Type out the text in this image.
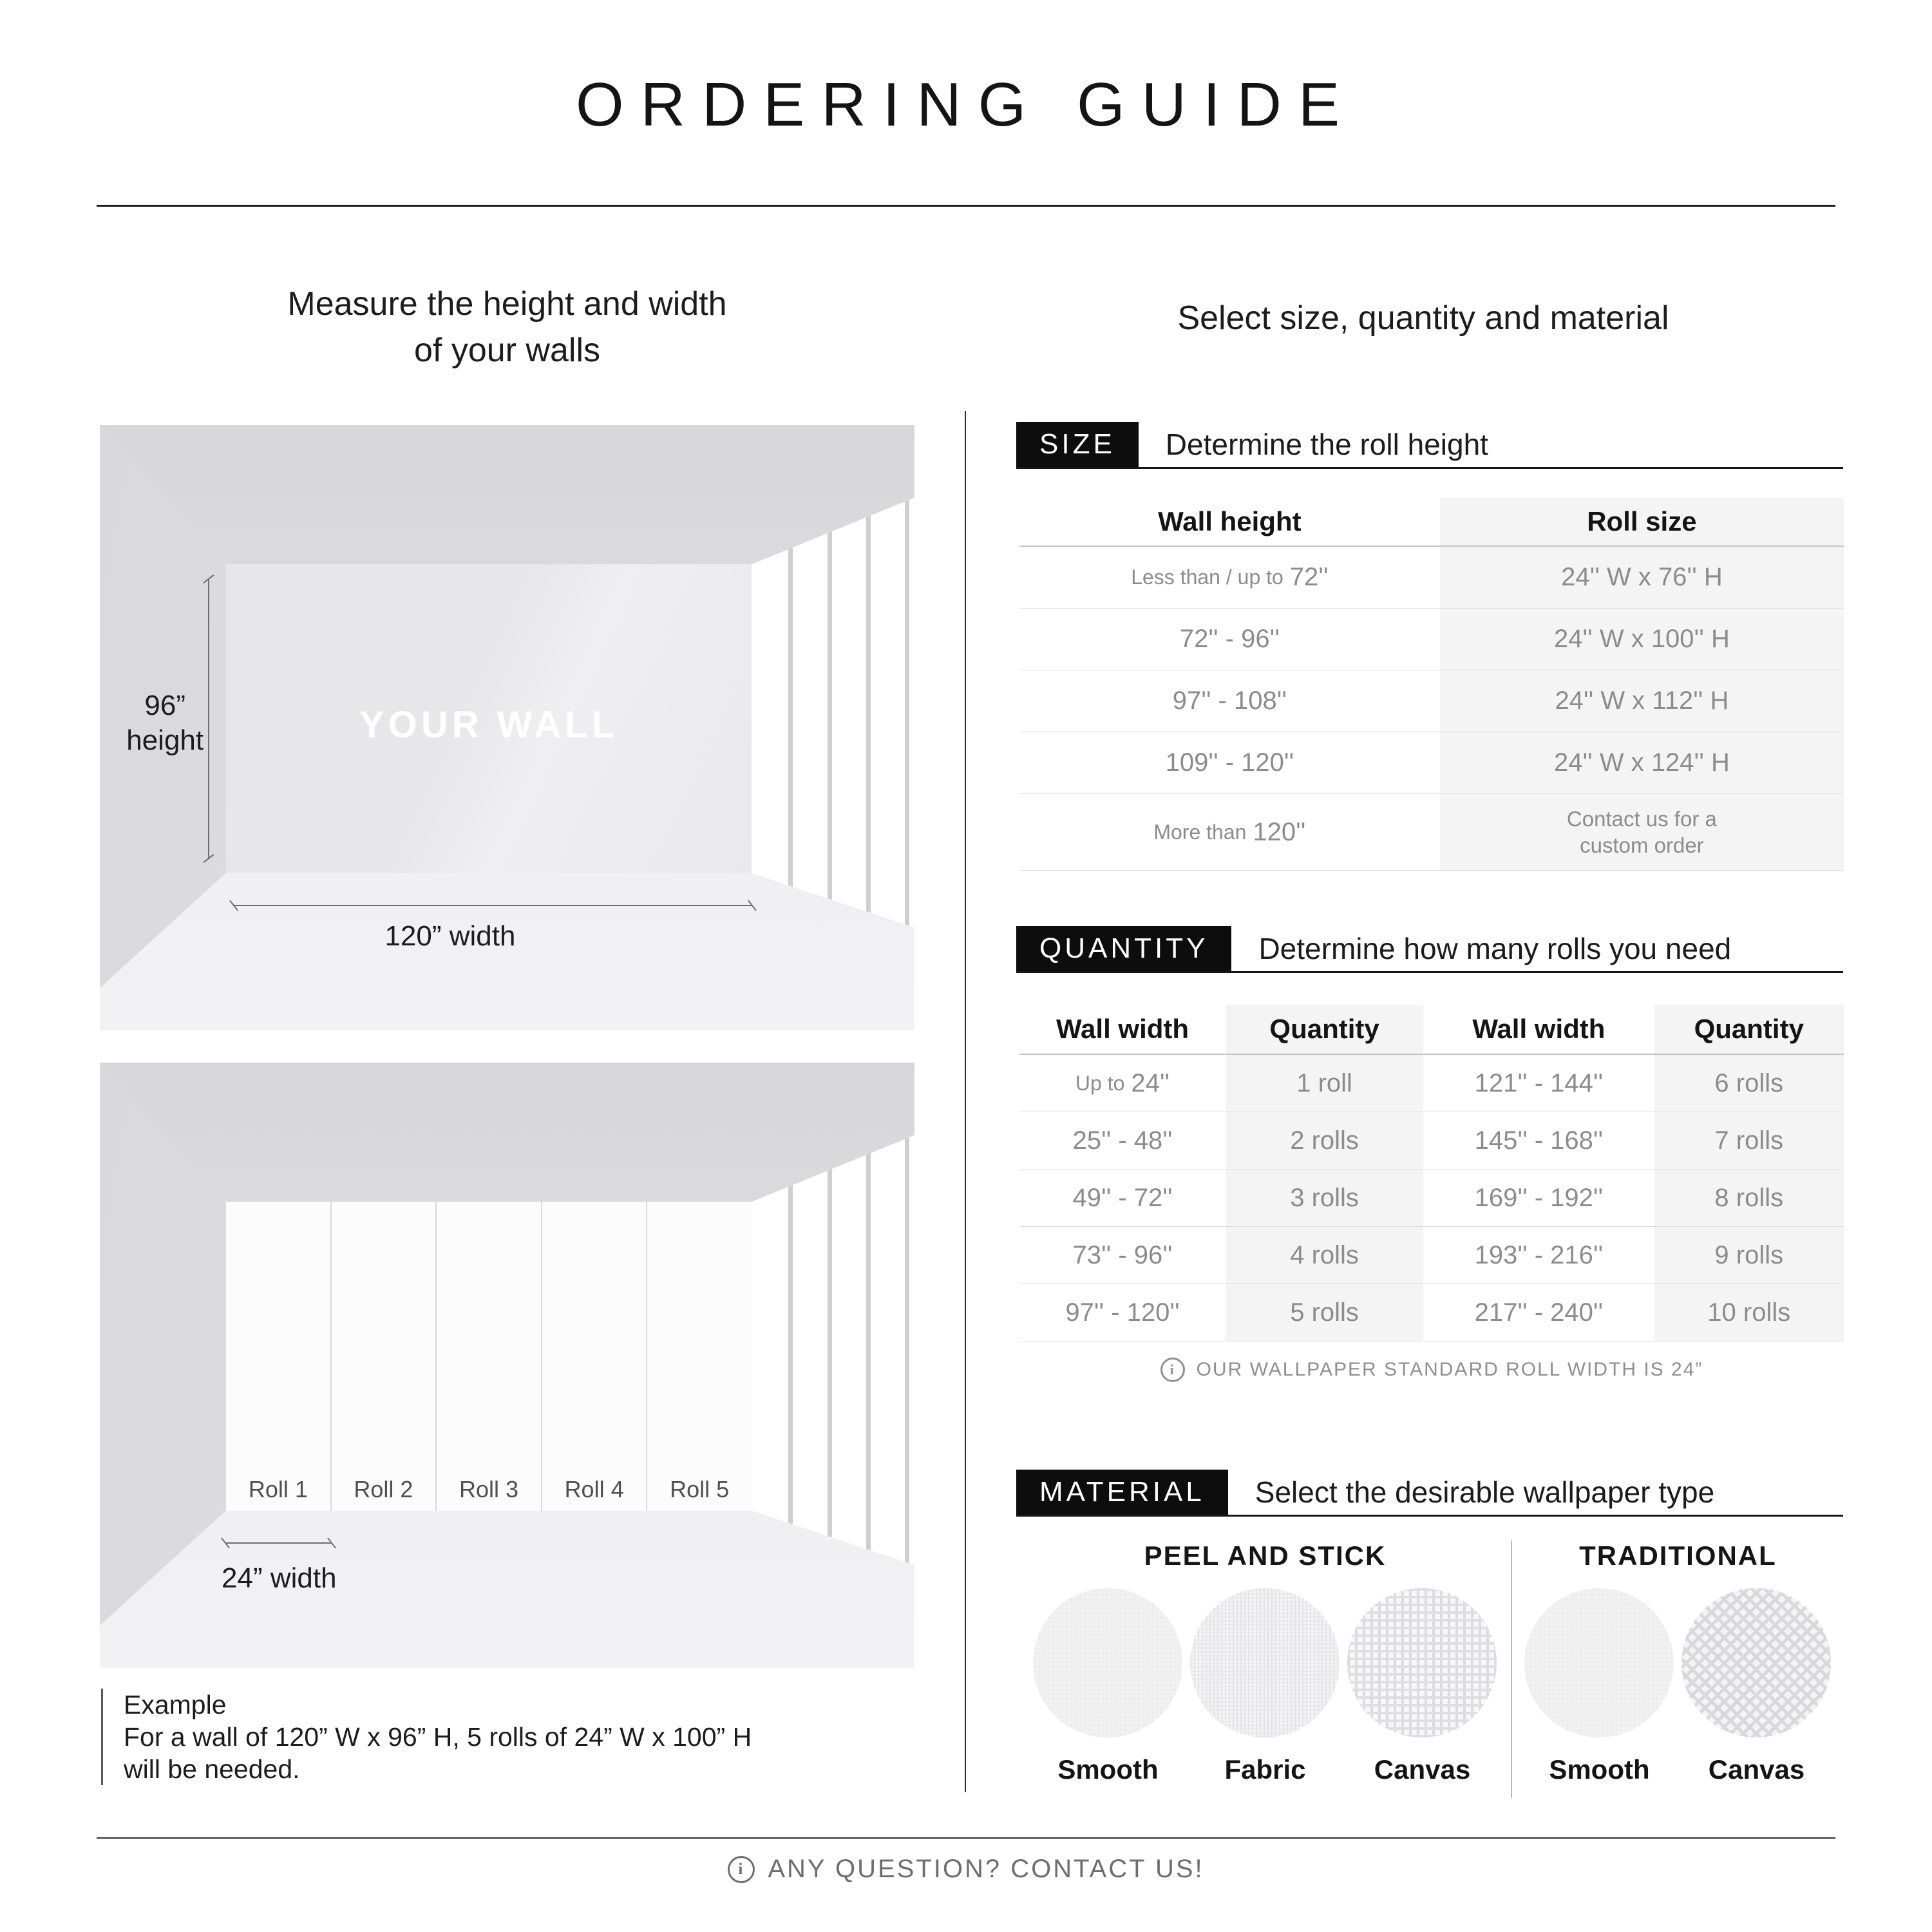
ORDERING GUIDE
Measure the height and width
of your walls
YOUR WALL
96”
height
120” width
Roll 1	Roll 2	Roll 3	Roll 4	Roll 5
24” width
Example
For a wall of 120” W x 96” H, 5 rolls of 24” W x 100” H
will be needed.
Select size, quantity and material
SIZE	Determine the roll height
Wall height	Roll size
Less than / up to 72''	24'' W x 76'' H
72'' - 96''	24'' W x 100'' H
97'' - 108''	24'' W x 112'' H
109'' - 120''	24'' W x 124'' H
More than 120''	Contact us for a custom order
QUANTITY	Determine how many rolls you need
Wall width	Quantity	Wall width	Quantity
Up to 24''	1 roll	121'' - 144''	6 rolls
25'' - 48''	2 rolls	145'' - 168''	7 rolls
49'' - 72''	3 rolls	169'' - 192''	8 rolls
73'' - 96''	4 rolls	193'' - 216''	9 rolls
97'' - 120''	5 rolls	217'' - 240''	10 rolls
i	OUR WALLPAPER STANDARD ROLL WIDTH IS 24”
MATERIAL	Select the desirable wallpaper type
PEEL AND STICK
Smooth	Fabric	Canvas
TRADITIONAL
Smooth	Canvas
i ANY QUESTION? CONTACT US!
